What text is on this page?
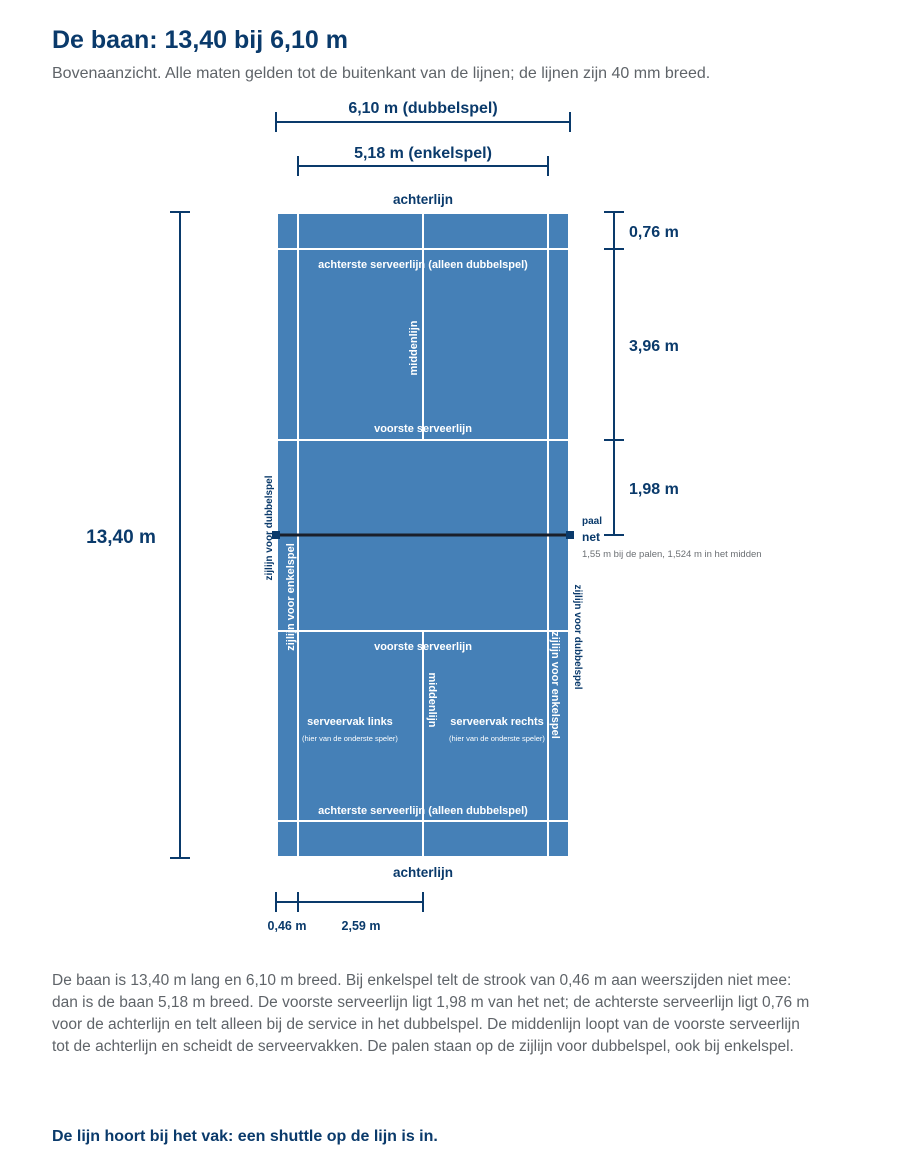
De baan: 13,40 bij 6,10 m
Bovenaanzicht. Alle maten gelden tot de buitenkant van de lijnen; de lijnen zijn 40 mm breed.
6,10 m (dubbelspel)
5,18 m (enkelspel)
13,40 m
0,76 m
3,96 m
1,98 m
0,46 m	2,59 m
achterlijn
achterlijn
achterste serveerlijn (alleen dubbelspel)
achterste serveerlijn (alleen dubbelspel)
voorste serveerlijn
voorste serveerlijn
middenlijn
middenlijn
zijlijn voor enkelspel
zijlijn voor enkelspel
serveervak links
(hier van de onderste speler)
serveervak rechts
(hier van de onderste speler)
zijlijn voor dubbelspel
zijlijn voor dubbelspel
paal
net
1,55 m bij de palen, 1,524 m in het midden

De baan is 13,40 m lang en 6,10 m breed. Bij enkelspel telt de strook van 0,46 m aan weerszijden niet mee: dan is de baan 5,18 m breed. De voorste serveerlijn ligt 1,98 m van het net; de achterste serveerlijn ligt 0,76 m voor de achterlijn en telt alleen bij de service in het dubbelspel. De middenlijn loopt van de voorste serveerlijn tot de achterlijn en scheidt de serveervakken. De palen staan op de zijlijn voor dubbelspel, ook bij enkelspel.

De lijn hoort bij het vak: een shuttle op de lijn is in.
